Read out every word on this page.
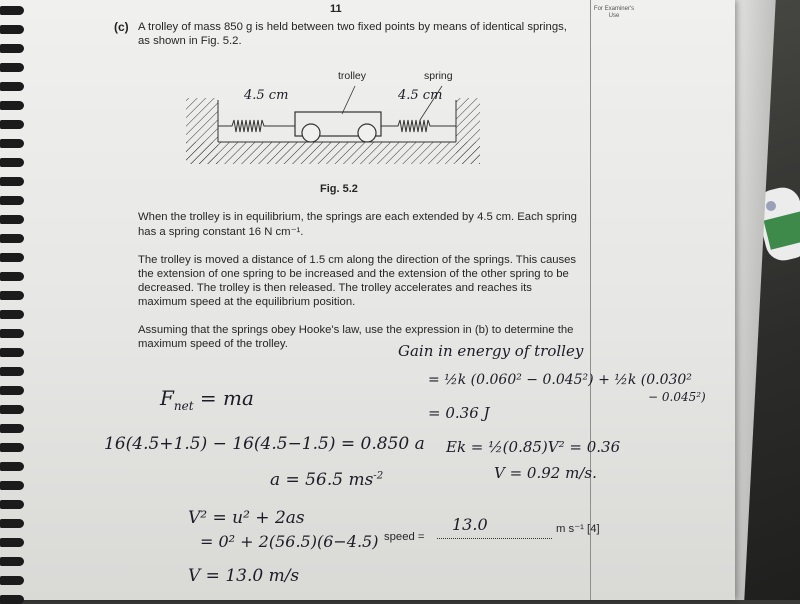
For Examiner's Use
11
(c) A trolley of mass 850 g is held between two fixed points by means of identical springs,
as shown in Fig. 5.2.
trolley	spring
4.5 cm	4.5 cm
Fig. 5.2
When the trolley is in equilibrium, the springs are each extended by 4.5 cm. Each spring
has a spring constant 16 N cm⁻¹.
The trolley is moved a distance of 1.5 cm along the direction of the springs. This causes
the extension of one spring to be increased and the extension of the other spring to be
decreased. The trolley is then released. The trolley accelerates and reaches its
maximum speed at the equilibrium position.
Assuming that the springs obey Hooke's law, use the expression in (b) to determine the
maximum speed of the trolley.	Gain in energy of trolley
= ½k (0.060² − 0.045²) + ½k (0.030²
− 0.045²)
= 0.36 J
Ek = ½(0.85)V² = 0.36
V = 0.92 m/s.
$F_{net}$ = ma
16(4.5+1.5) − 16(4.5−1.5) = 0.850 a
a = 56.5 $ms^{-2}$
V² = u² + 2as
= 0² + 2(56.5)(6−4.5)
V = 13.0 m/s
speed =
13.0	m s⁻¹ [4]
